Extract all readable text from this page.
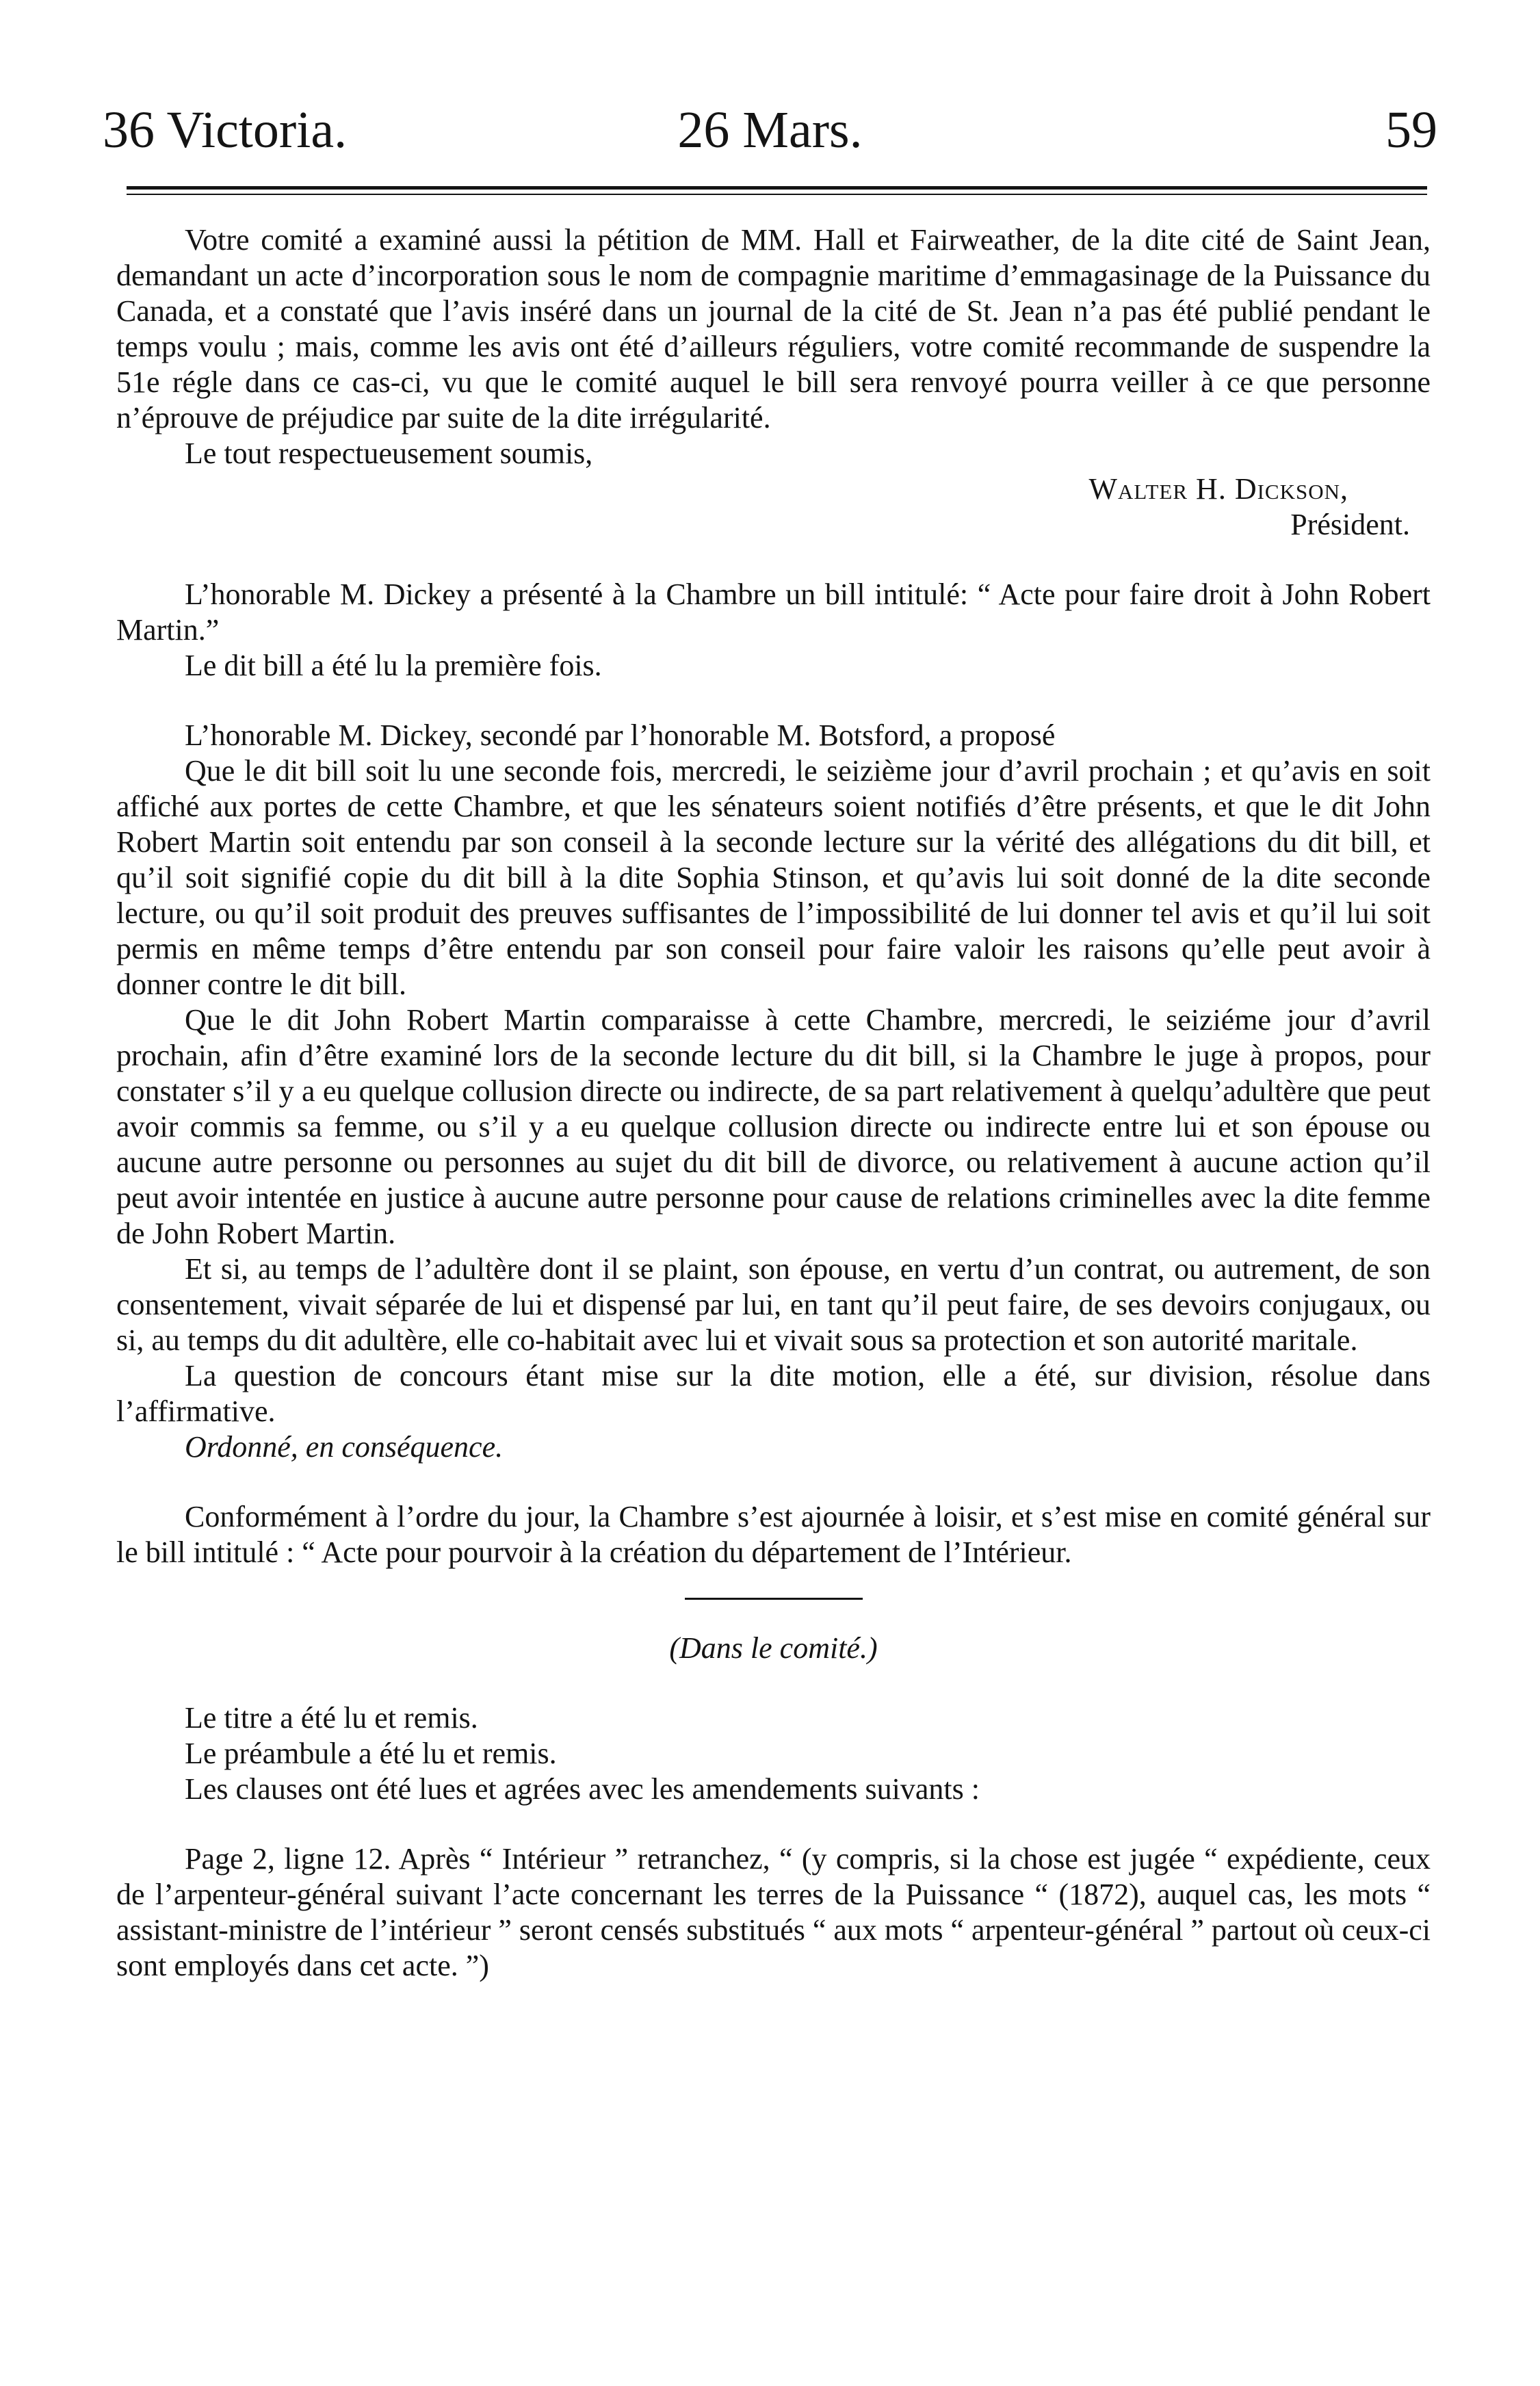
36 Victoria.	26 Mars.	59

Votre comité a examiné aussi la pétition de MM. Hall et Fairweather, de la dite cité de Saint Jean, demandant un acte d’incorporation sous le nom de compagnie maritime d’emmagasinage de la Puissance du Canada, et a constaté que l’avis inséré dans un journal de la cité de St. Jean n’a pas été publié pendant le temps voulu ; mais, comme les avis ont été d’ailleurs réguliers, votre comité recommande de suspendre la 51e régle dans ce cas-ci, vu que le comité auquel le bill sera renvoyé pourra veiller à ce que personne n’éprouve de préjudice par suite de la dite irrégularité.

Le tout respectueusement soumis,

Walter H. Dickson,

Président.

L’honorable M. Dickey a présenté à la Chambre un bill intitulé: “ Acte pour faire droit à John Robert Martin.”

Le dit bill a été lu la première fois.

L’honorable M. Dickey, secondé par l’honorable M. Botsford, a proposé

Que le dit bill soit lu une seconde fois, mercredi, le seizième jour d’avril prochain ; et qu’avis en soit affiché aux portes de cette Chambre, et que les sénateurs soient notifiés d’être présents, et que le dit John Robert Martin soit entendu par son conseil à la seconde lecture sur la vérité des allégations du dit bill, et qu’il soit signifié copie du dit bill à la dite Sophia Stinson, et qu’avis lui soit donné de la dite seconde lecture, ou qu’il soit produit des preuves suffisantes de l’impossibilité de lui donner tel avis et qu’il lui soit permis en même temps d’être entendu par son conseil pour faire valoir les raisons qu’elle peut avoir à donner contre le dit bill.

Que le dit John Robert Martin comparaisse à cette Chambre, mercredi, le seiziéme jour d’avril prochain, afin d’être examiné lors de la seconde lecture du dit bill, si la Chambre le juge à propos, pour constater s’il y a eu quelque collusion directe ou indirecte, de sa part relativement à quelqu’adultère que peut avoir commis sa femme, ou s’il y a eu quelque collusion directe ou indirecte entre lui et son épouse ou aucune autre personne ou personnes au sujet du dit bill de divorce, ou relativement à aucune action qu’il peut avoir intentée en justice à aucune autre personne pour cause de relations criminelles avec la dite femme de John Robert Martin.

Et si, au temps de l’adultère dont il se plaint, son épouse, en vertu d’un contrat, ou autrement, de son consentement, vivait séparée de lui et dispensé par lui, en tant qu’il peut faire, de ses devoirs conjugaux, ou si, au temps du dit adultère, elle co-habitait avec lui et vivait sous sa protection et son autorité maritale.

La question de concours étant mise sur la dite motion, elle a été, sur division, résolue dans l’affirmative.

Ordonné, en conséquence.

Conformément à l’ordre du jour, la Chambre s’est ajournée à loisir, et s’est mise en comité général sur le bill intitulé : “ Acte pour pourvoir à la création du département de l’Intérieur.

(Dans le comité.)

Le titre a été lu et remis.

Le préambule a été lu et remis.

Les clauses ont été lues et agrées avec les amendements suivants :

Page 2, ligne 12. Après “ Intérieur ” retranchez, “ (y compris, si la chose est jugée “ expédiente, ceux de l’arpenteur-général suivant l’acte concernant les terres de la Puissance “ (1872), auquel cas, les mots “ assistant-ministre de l’intérieur ” seront censés substitués “ aux mots “ arpenteur-général ” partout où ceux-ci sont employés dans cet acte. ”)
